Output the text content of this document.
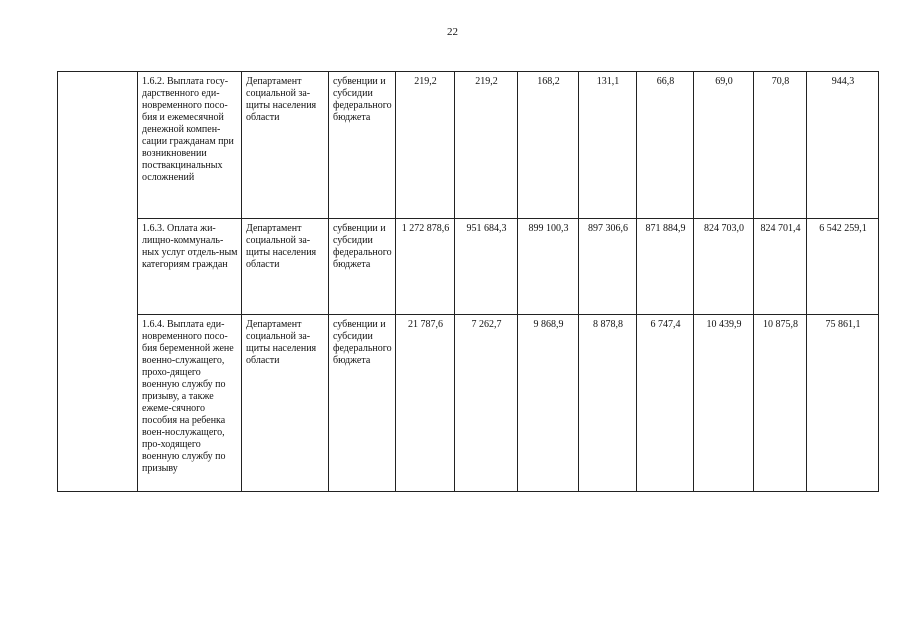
22
	1.6.2. Выплата госу-дарственного еди-новременного посо-бия и ежемесячной денежной компен-сации гражданам при возникновении поствакцинальных осложнений	Департамент социальной за-щиты населения области	субвенции и субсидии федерального бюджета	219,2	219,2	168,2	131,1	66,8	69,0	70,8	944,3
	1.6.3. Оплата жи-лищно-коммуналь-ных услуг отдель-ным категориям граждан	Департамент социальной за-щиты населения области	субвенции и субсидии федерального бюджета	1 272 878,6	951 684,3	899 100,3	897 306,6	871 884,9	824 703,0	824 701,4	6 542 259,1
	1.6.4. Выплата еди-новременного посо-бия беременной жене военно-служащего, прохо-дящего военную службу по призыву, а также ежеме-сячного пособия на ребенка воен-нослужащего, про-ходящего военную службу по призыву	Департамент социальной за-щиты населения области	субвенции и субсидии федерального бюджета	21 787,6	7 262,7	9 868,9	8 878,8	6 747,4	10 439,9	10 875,8	75 861,1
